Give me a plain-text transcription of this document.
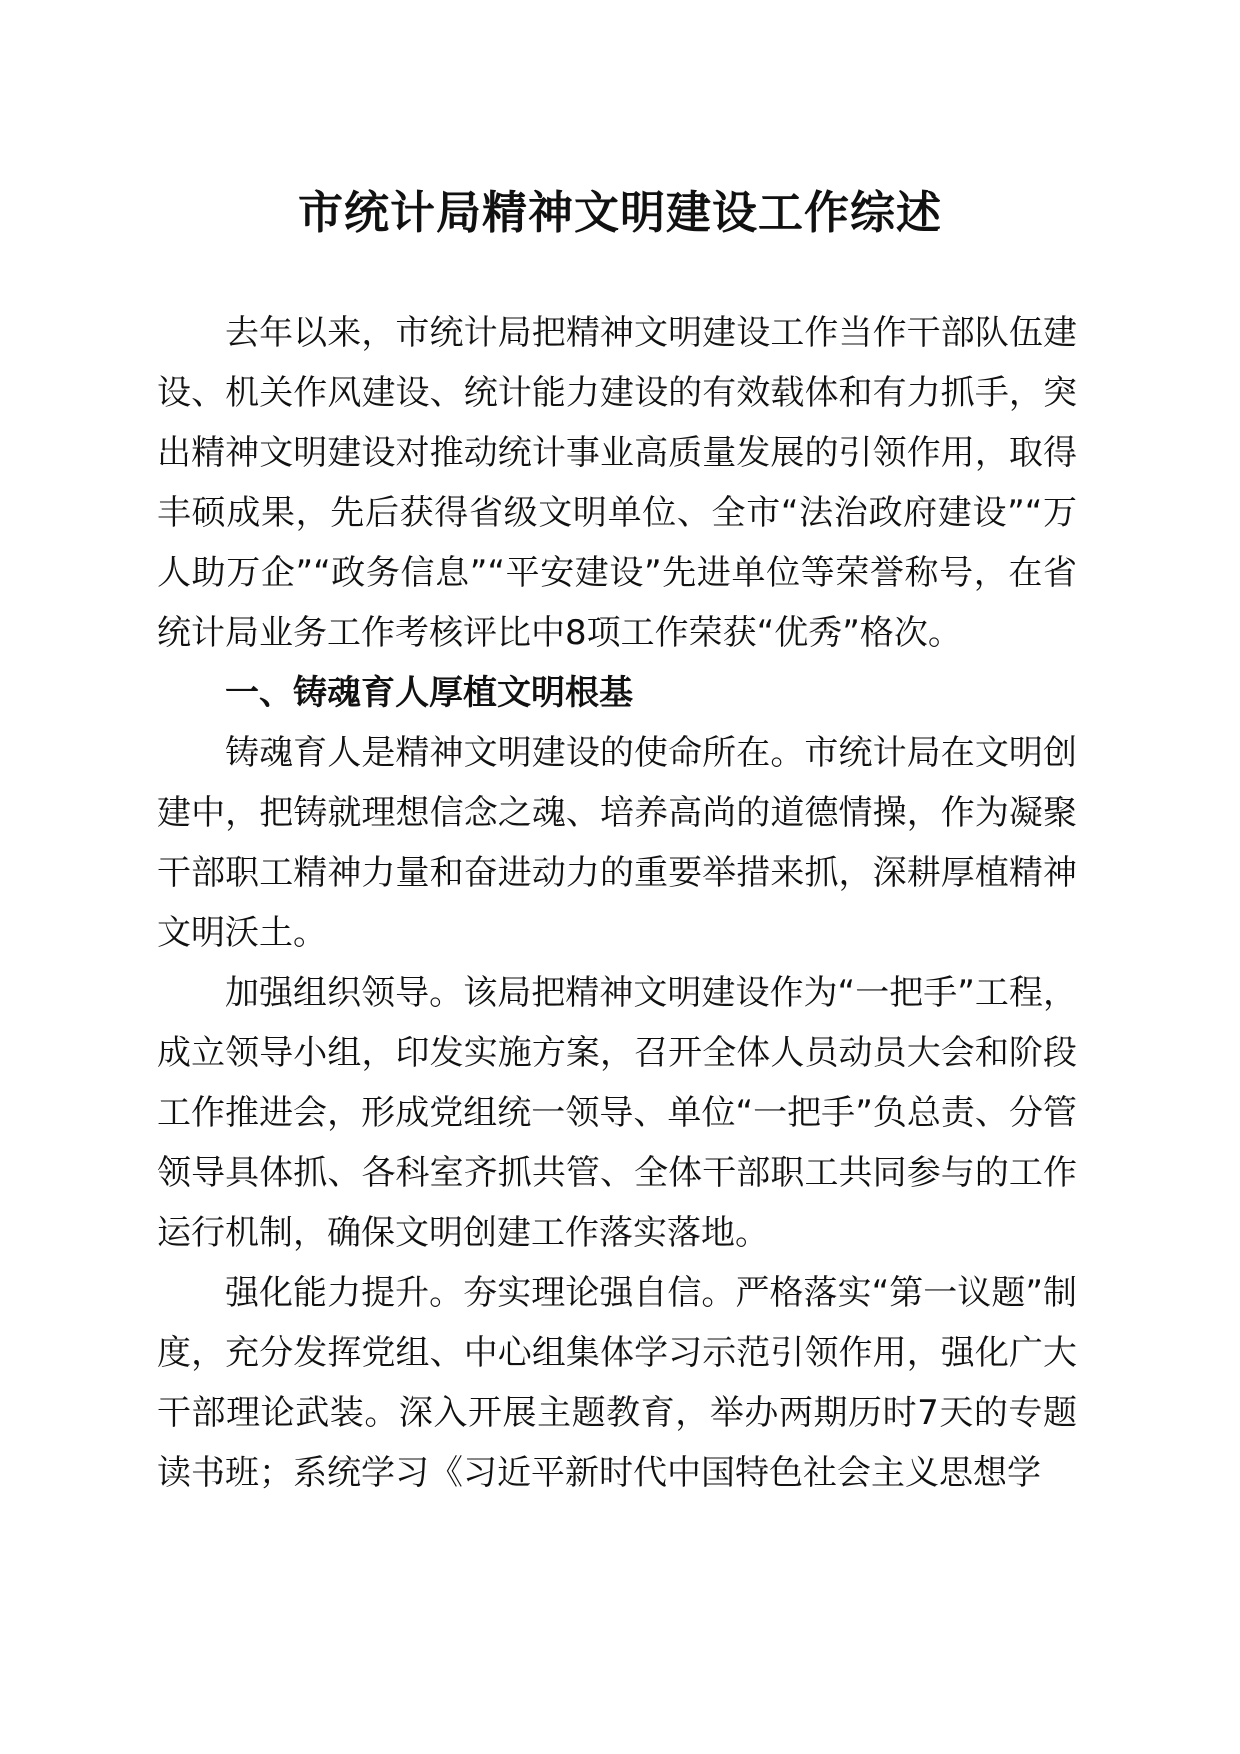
市统计局精神文明建设工作综述

去年以来，市统计局把精神文明建设工作当作干部队伍建设、机关作风建设、统计能力建设的有效载体和有力抓手，突出精神文明建设对推动统计事业高质量发展的引领作用，取得丰硕成果，先后获得省级文明单位、全市“法治政府建设”“万人助万企”“政务信息”“平安建设”先进单位等荣誉称号，在省统计局业务工作考核评比中8项工作荣获“优秀”格次。

一、铸魂育人厚植文明根基

铸魂育人是精神文明建设的使命所在。市统计局在文明创建中，把铸就理想信念之魂、培养高尚的道德情操，作为凝聚干部职工精神力量和奋进动力的重要举措来抓，深耕厚植精神文明沃土。

加强组织领导。该局把精神文明建设作为“一把手”工程，成立领导小组，印发实施方案，召开全体人员动员大会和阶段工作推进会，形成党组统一领导、单位“一把手”负总责、分管领导具体抓、各科室齐抓共管、全体干部职工共同参与的工作运行机制，确保文明创建工作落实落地。

强化能力提升。夯实理论强自信。严格落实“第一议题”制度，充分发挥党组、中心组集体学习示范引领作用，强化广大干部理论武装。深入开展主题教育，举办两期历时7天的专题读书班；系统学习《习近平新时代中国特色社会主义思想学
